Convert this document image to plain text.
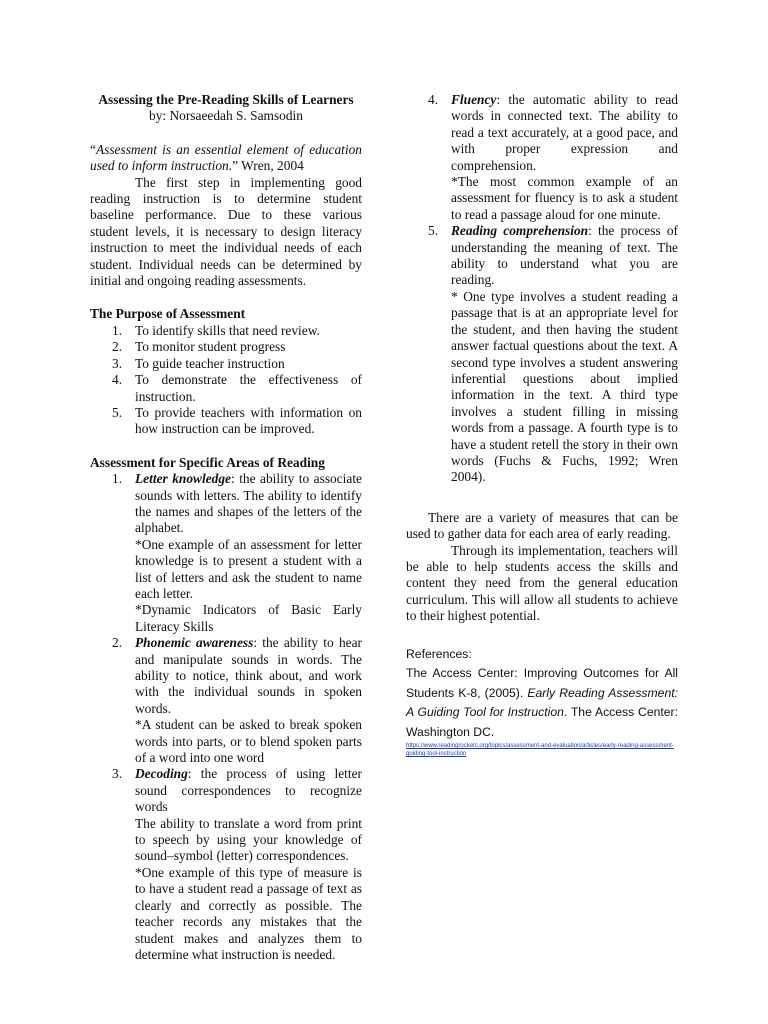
Assessing the Pre-Reading Skills of Learners

by: Norsaeedah S. Samsodin

“Assessment is an essential element of education used to inform instruction.” Wren, 2004

The first step in implementing good reading instruction is to determine student baseline performance. Due to these various student levels, it is necessary to design literacy instruction to meet the individual needs of each student. Individual needs can be determined by initial and ongoing reading assessments.

The Purpose of Assessment
1. To identify skills that need review.

2. To monitor student progress

3. To guide teacher instruction

4. To demonstrate the effectiveness of instruction.

5. To provide teachers with information on how instruction can be improved.

Assessment for Specific Areas of Reading
1. Letter knowledge: the ability to associate sounds with letters. The ability to identify the names and shapes of the letters of the alphabet.

*One example of an assessment for letter knowledge is to present a student with a list of letters and ask the student to name each letter.

*Dynamic Indicators of Basic Early Literacy Skills

2. Phonemic awareness: the ability to hear and manipulate sounds in words. The ability to notice, think about, and work with the individual sounds in spoken words.

*A student can be asked to break spoken words into parts, or to blend spoken parts of a word into one word

3. Decoding: the process of using letter sound correspondences to recognize words

The ability to translate a word from print to speech by using your knowledge of sound–symbol (letter) correspondences.

*One example of this type of measure is to have a student read a passage of text as clearly and correctly as possible. The teacher records any mistakes that the student makes and analyzes them to determine what instruction is needed.

4. Fluency: the automatic ability to read words in connected text. The ability to read a text accurately, at a good pace, and with proper expression and comprehension.

*The most common example of an assessment for fluency is to ask a student to read a passage aloud for one minute.

5. Reading comprehension: the process of understanding the meaning of text. The ability to understand what you are reading.

* One type involves a student reading a passage that is at an appropriate level for the student, and then having the student answer factual questions about the text. A second type involves a student answering inferential questions about implied information in the text. A third type involves a student filling in missing words from a passage. A fourth type is to have a student retell the story in their own words (Fuchs & Fuchs, 1992; Wren 2004).

There are a variety of measures that can be used to gather data for each area of early reading.

Through its implementation, teachers will be able to help students access the skills and content they need from the general education curriculum. This will allow all students to achieve to their highest potential.

References:

The Access Center: Improving Outcomes for All Students K-8, (2005). Early Reading Assessment: A Guiding Tool for Instruction. The Access Center: Washington DC.

https://www.readingrockets.org/topics/assessment-and-evaluation/articles/early-reading-assessment-guiding-tool-instruction
